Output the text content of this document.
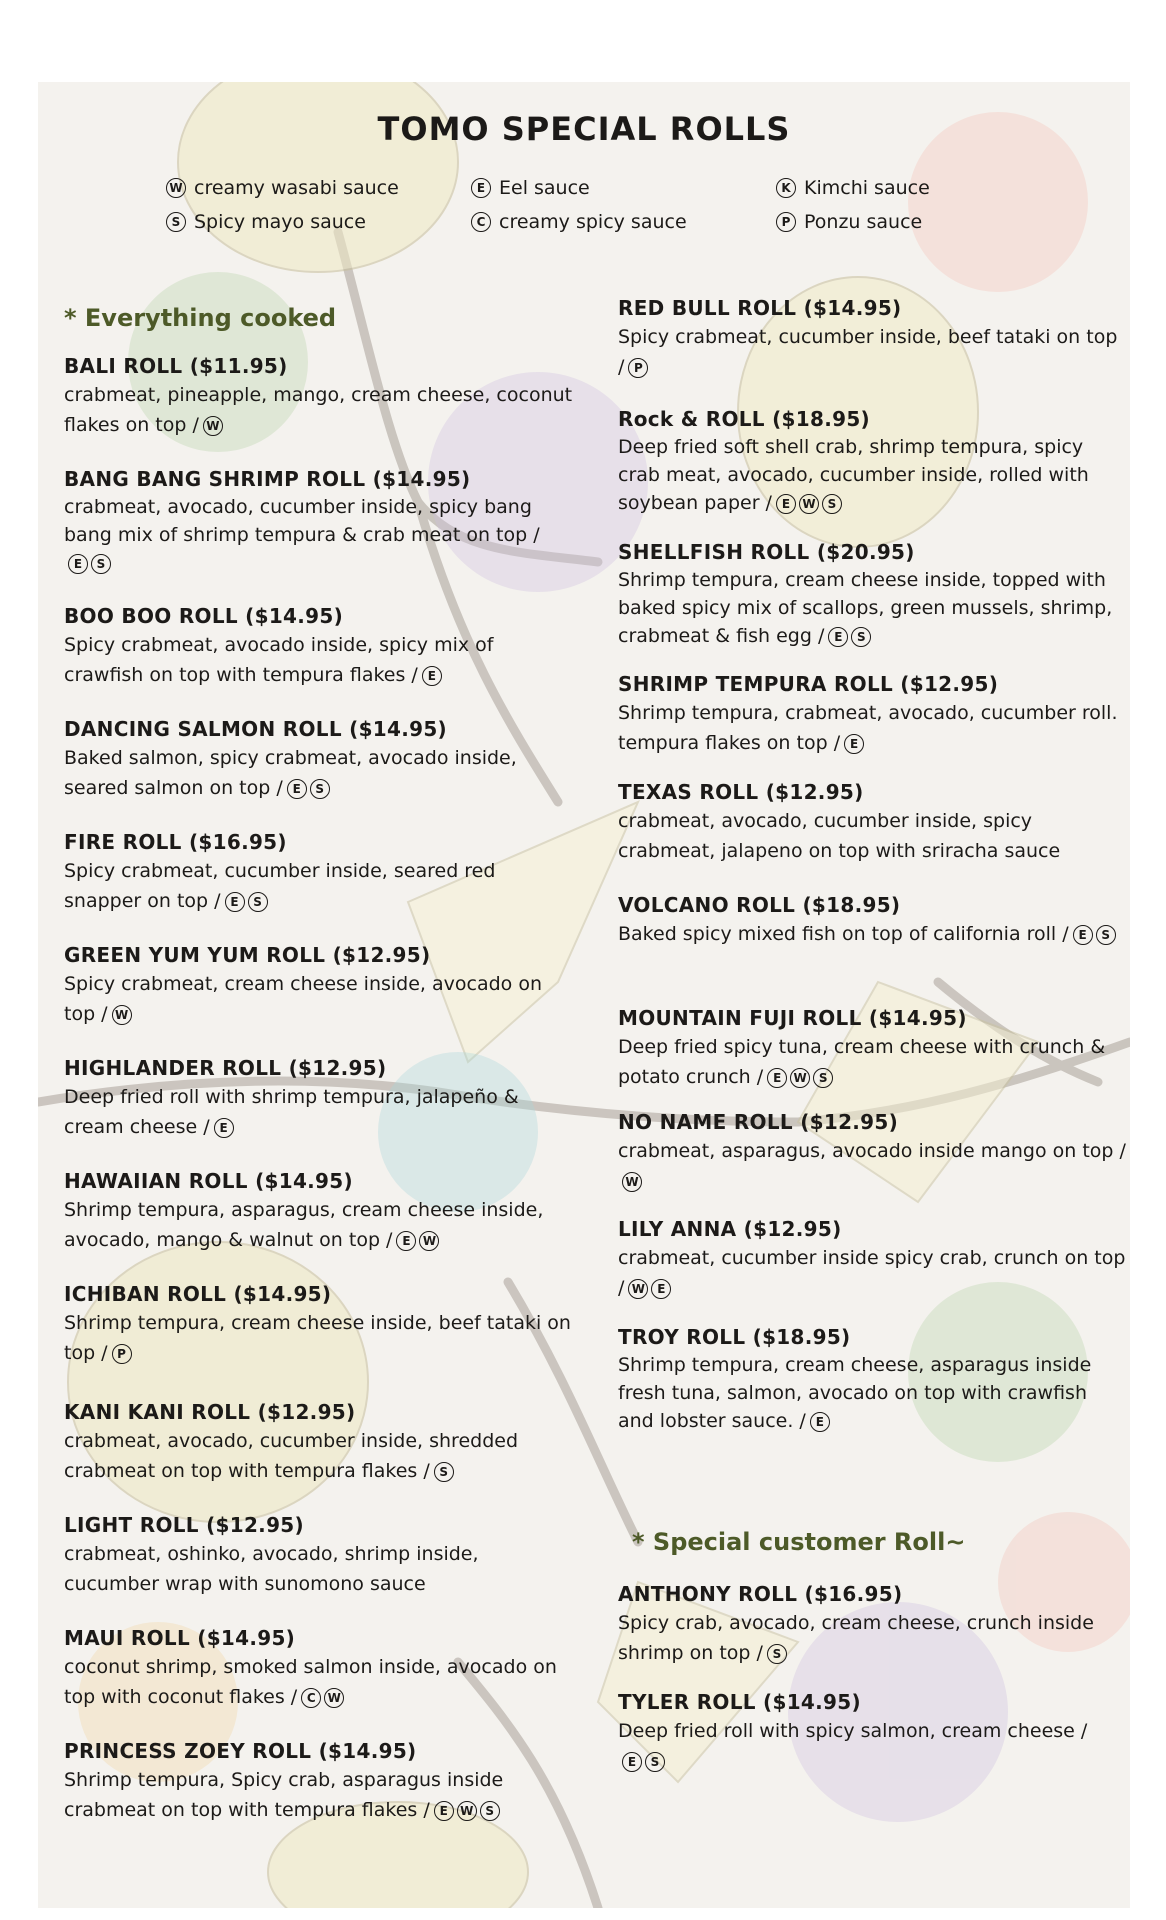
TOMO SPECIAL ROLLS
W creamy wasabi sauce	E Eel sauce	K Kimchi sauce
S Spicy mayo sauce	C creamy spicy sauce	P Ponzu sauce
* Everything cooked
BALI ROLL ($11.95)
crabmeat, pineapple, mango, cream cheese, coconut flakes on top / W
BANG BANG SHRIMP ROLL ($14.95)
crabmeat, avocado, cucumber inside, spicy bang bang mix of shrimp tempura & crab meat on top /
E	S
BOO BOO ROLL ($14.95)
Spicy crabmeat, avocado inside, spicy mix of crawfish on top with tempura flakes / E
DANCING SALMON ROLL ($14.95)
Baked salmon, spicy crabmeat, avocado inside, seared salmon on top / E	S
FIRE ROLL ($16.95)
Spicy crabmeat, cucumber inside, seared red snapper on top / E	S
GREEN YUM YUM ROLL ($12.95)
Spicy crabmeat, cream cheese inside, avocado on top / W
HIGHLANDER ROLL ($12.95)
Deep fried roll with shrimp tempura, jalapeño & cream cheese / E
HAWAIIAN ROLL ($14.95)
Shrimp tempura, asparagus, cream cheese inside, avocado, mango & walnut on top / E	W
ICHIBAN ROLL ($14.95)
Shrimp tempura, cream cheese inside, beef tataki on top / P
KANI KANI ROLL ($12.95)
crabmeat, avocado, cucumber inside, shredded crabmeat on top with tempura flakes / S
LIGHT ROLL ($12.95)
crabmeat, oshinko, avocado, shrimp inside, cucumber wrap with sunomono sauce
MAUI ROLL ($14.95)
coconut shrimp, smoked salmon inside, avocado on top with coconut flakes / C W
PRINCESS ZOEY ROLL ($14.95)
Shrimp tempura, Spicy crab, asparagus inside crabmeat on top with tempura flakes / E	W	S
RED BULL ROLL ($14.95)
Spicy crabmeat, cucumber inside, beef tataki on top / P
Rock & ROLL ($18.95)
Deep fried soft shell crab, shrimp tempura, spicy crab meat, avocado, cucumber inside, rolled with soybean paper / E	W	S
SHELLFISH ROLL ($20.95)
Shrimp tempura, cream cheese inside, topped with baked spicy mix of scallops, green mussels, shrimp, crabmeat & fish egg / E	S
SHRIMP TEMPURA ROLL ($12.95)
Shrimp tempura, crabmeat, avocado, cucumber roll. tempura flakes on top / E
TEXAS ROLL ($12.95)
crabmeat, avocado, cucumber inside, spicy crabmeat, jalapeno on top with sriracha sauce
VOLCANO ROLL ($18.95)
Baked spicy mixed fish on top of california roll / E	S
MOUNTAIN FUJI ROLL ($14.95)
Deep fried spicy tuna, cream cheese with crunch & potato crunch / E	W	S
NO NAME ROLL ($12.95)
crabmeat, asparagus, avocado inside mango on top /
W
LILY ANNA ($12.95)
crabmeat, cucumber inside spicy crab, crunch on top / W	E
TROY ROLL ($18.95)
Shrimp tempura, cream cheese, asparagus inside fresh tuna, salmon, avocado on top with crawfish and lobster sauce. / E
* Special customer Roll~
ANTHONY ROLL ($16.95)
Spicy crab, avocado, cream cheese, crunch inside shrimp on top / S
TYLER ROLL ($14.95)
Deep fried roll with spicy salmon, cream cheese /
E	S
